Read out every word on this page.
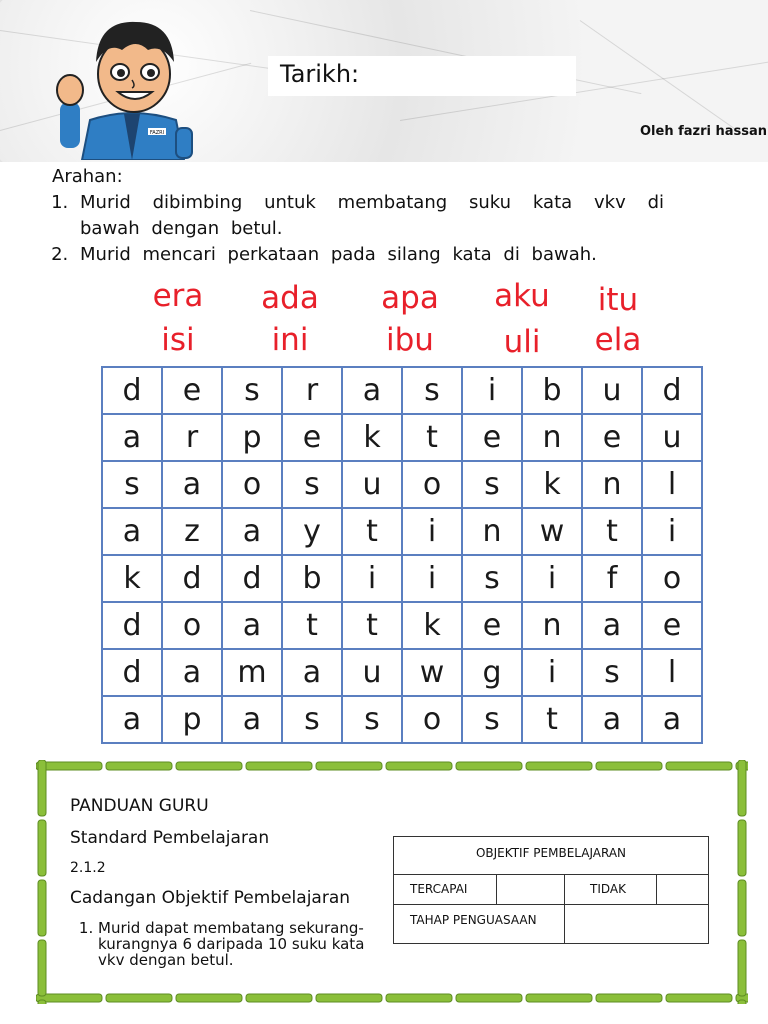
FAZRI
Tarikh:
Oleh fazri hassan

Arahan:

1. Murid dibimbing untuk membatang suku kata vkv di bawah dengan betul.
2. Murid mencari perkataan pada silang kata di bawah.
era
isi
ada
ini
apa
ibu
aku
uli
itu
ela
d	e	s	r	a	s	i	b	u	d
a	r	p	e	k	t	e	n	e	u
s	a	o	s	u	o	s	k	n	l
a	z	a	y	t	i	n	w	t	i
k	d	d	b	i	i	s	i	f	o
d	o	a	t	t	k	e	n	a	e
d	a	m	a	u	w	g	i	s	l
a	p	a	s	s	o	s	t	a	a

PANDUAN GURU

Standard Pembelajaran

2.1.2

Cadangan Objektif Pembelajaran

1. Murid dapat membatang sekurang-kurangnya 6 daripada 10 suku kata vkv dengan betul.
OBJEKTIF PEMBELAJARAN
TERCAPAI	TIDAK
TAHAP PENGUASAAN
